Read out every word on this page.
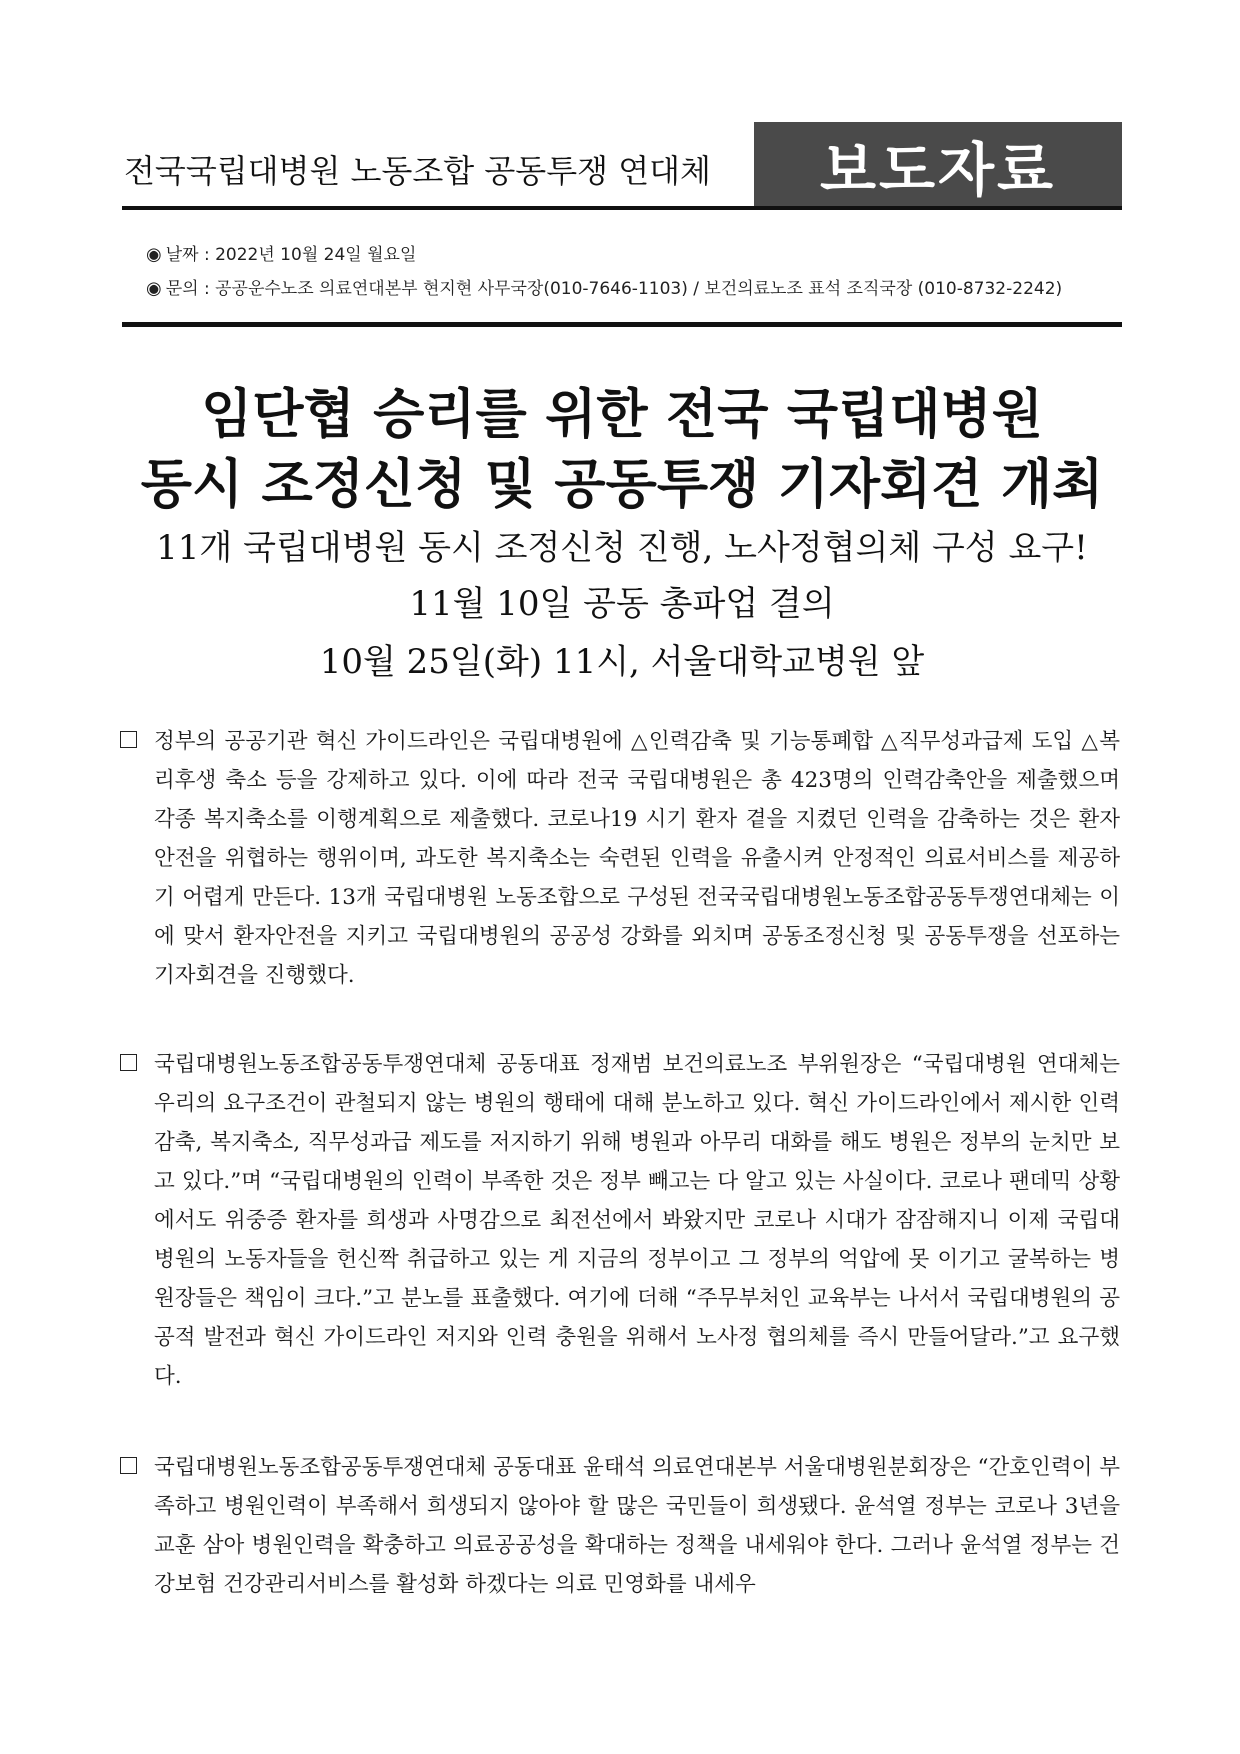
전국국립대병원 노동조합 공동투쟁 연대체	보도자료
◉ 날짜 : 2022년 10월 24일 월요일
◉ 문의 : 공공운수노조 의료연대본부 현지현 사무국장(010-7646-1103) / 보건의료노조 표석 조직국장 (010-8732-2242)
임단협 승리를 위한 전국 국립대병원
동시 조정신청 및 공동투쟁 기자회견 개최
11개 국립대병원 동시 조정신청 진행, 노사정협의체 구성 요구!
11월 10일 공동 총파업 결의
10월 25일(화) 11시, 서울대학교병원 앞
정부의 공공기관 혁신 가이드라인은 국립대병원에 △인력감축 및 기능통폐합 △직무성과급제 도입 △복리후생 축소 등을 강제하고 있다. 이에 따라 전국 국립대병원은 총 423명의 인력감축안을 제출했으며 각종 복지축소를 이행계획으로 제출했다. 코로나19 시기 환자 곁을 지켰던 인력을 감축하는 것은 환자안전을 위협하는 행위이며, 과도한 복지축소는 숙련된 인력을 유출시켜 안정적인 의료서비스를 제공하기 어렵게 만든다. 13개 국립대병원 노동조합으로 구성된 전국국립대병원노동조합공동투쟁연대체는 이에 맞서 환자안전을 지키고 국립대병원의 공공성 강화를 외치며 공동조정신청 및 공동투쟁을 선포하는 기자회견을 진행했다.
국립대병원노동조합공동투쟁연대체 공동대표 정재범 보건의료노조 부위원장은 “국립대병원 연대체는 우리의 요구조건이 관철되지 않는 병원의 행태에 대해 분노하고 있다. 혁신 가이드라인에서 제시한 인력감축, 복지축소, 직무성과급 제도를 저지하기 위해 병원과 아무리 대화를 해도 병원은 정부의 눈치만 보고 있다.”며 “국립대병원의 인력이 부족한 것은 정부 빼고는 다 알고 있는 사실이다. 코로나 팬데믹 상황에서도 위중증 환자를 희생과 사명감으로 최전선에서 봐왔지만 코로나 시대가 잠잠해지니 이제 국립대병원의 노동자들을 헌신짝 취급하고 있는 게 지금의 정부이고 그 정부의 억압에 못 이기고 굴복하는 병원장들은 책임이 크다.”고 분노를 표출했다. 여기에 더해 “주무부처인 교육부는 나서서 국립대병원의 공공적 발전과 혁신 가이드라인 저지와 인력 충원을 위해서 노사정 협의체를 즉시 만들어달라.”고 요구했다.
국립대병원노동조합공동투쟁연대체 공동대표 윤태석 의료연대본부 서울대병원분회장은 “간호인력이 부족하고 병원인력이 부족해서 희생되지 않아야 할 많은 국민들이 희생됐다. 윤석열 정부는 코로나 3년을 교훈 삼아 병원인력을 확충하고 의료공공성을 확대하는 정책을 내세워야 한다. 그러나 윤석열 정부는 건강보험 건강관리서비스를 활성화 하겠다는 의료 민영화를 내세우
